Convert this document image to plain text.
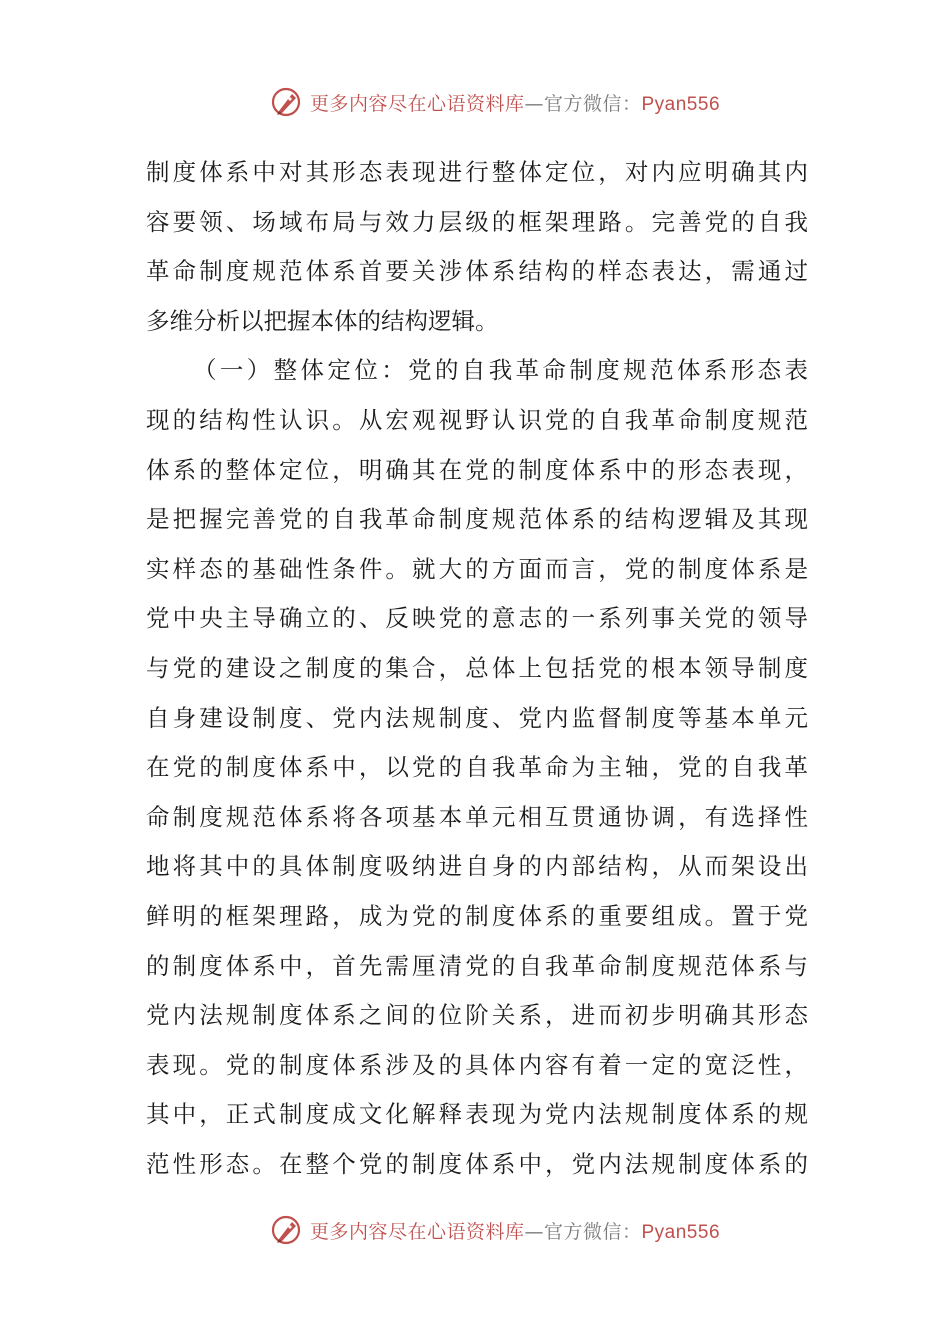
更多内容尽在心语资料库—官方微信：Pyan556
制度体系中对其形态表现进行整体定位，对内应明确其内
容要领、场域布局与效力层级的框架理路。完善党的自我
革命制度规范体系首要关涉体系结构的样态表达，需通过
多维分析以把握本体的结构逻辑。
（一）整体定位：党的自我革命制度规范体系形态表
现的结构性认识。从宏观视野认识党的自我革命制度规范
体系的整体定位，明确其在党的制度体系中的形态表现，
是把握完善党的自我革命制度规范体系的结构逻辑及其现
实样态的基础性条件。就大的方面而言，党的制度体系是
党中央主导确立的、反映党的意志的一系列事关党的领导
与党的建设之制度的集合，总体上包括党的根本领导制度
自身建设制度、党内法规制度、党内监督制度等基本单元
在党的制度体系中，以党的自我革命为主轴，党的自我革
命制度规范体系将各项基本单元相互贯通协调，有选择性
地将其中的具体制度吸纳进自身的内部结构，从而架设出
鲜明的框架理路，成为党的制度体系的重要组成。置于党
的制度体系中，首先需厘清党的自我革命制度规范体系与
党内法规制度体系之间的位阶关系，进而初步明确其形态
表现。党的制度体系涉及的具体内容有着一定的宽泛性，
其中，正式制度成文化解释表现为党内法规制度体系的规
范性形态。在整个党的制度体系中，党内法规制度体系的
更多内容尽在心语资料库—官方微信：Pyan556
